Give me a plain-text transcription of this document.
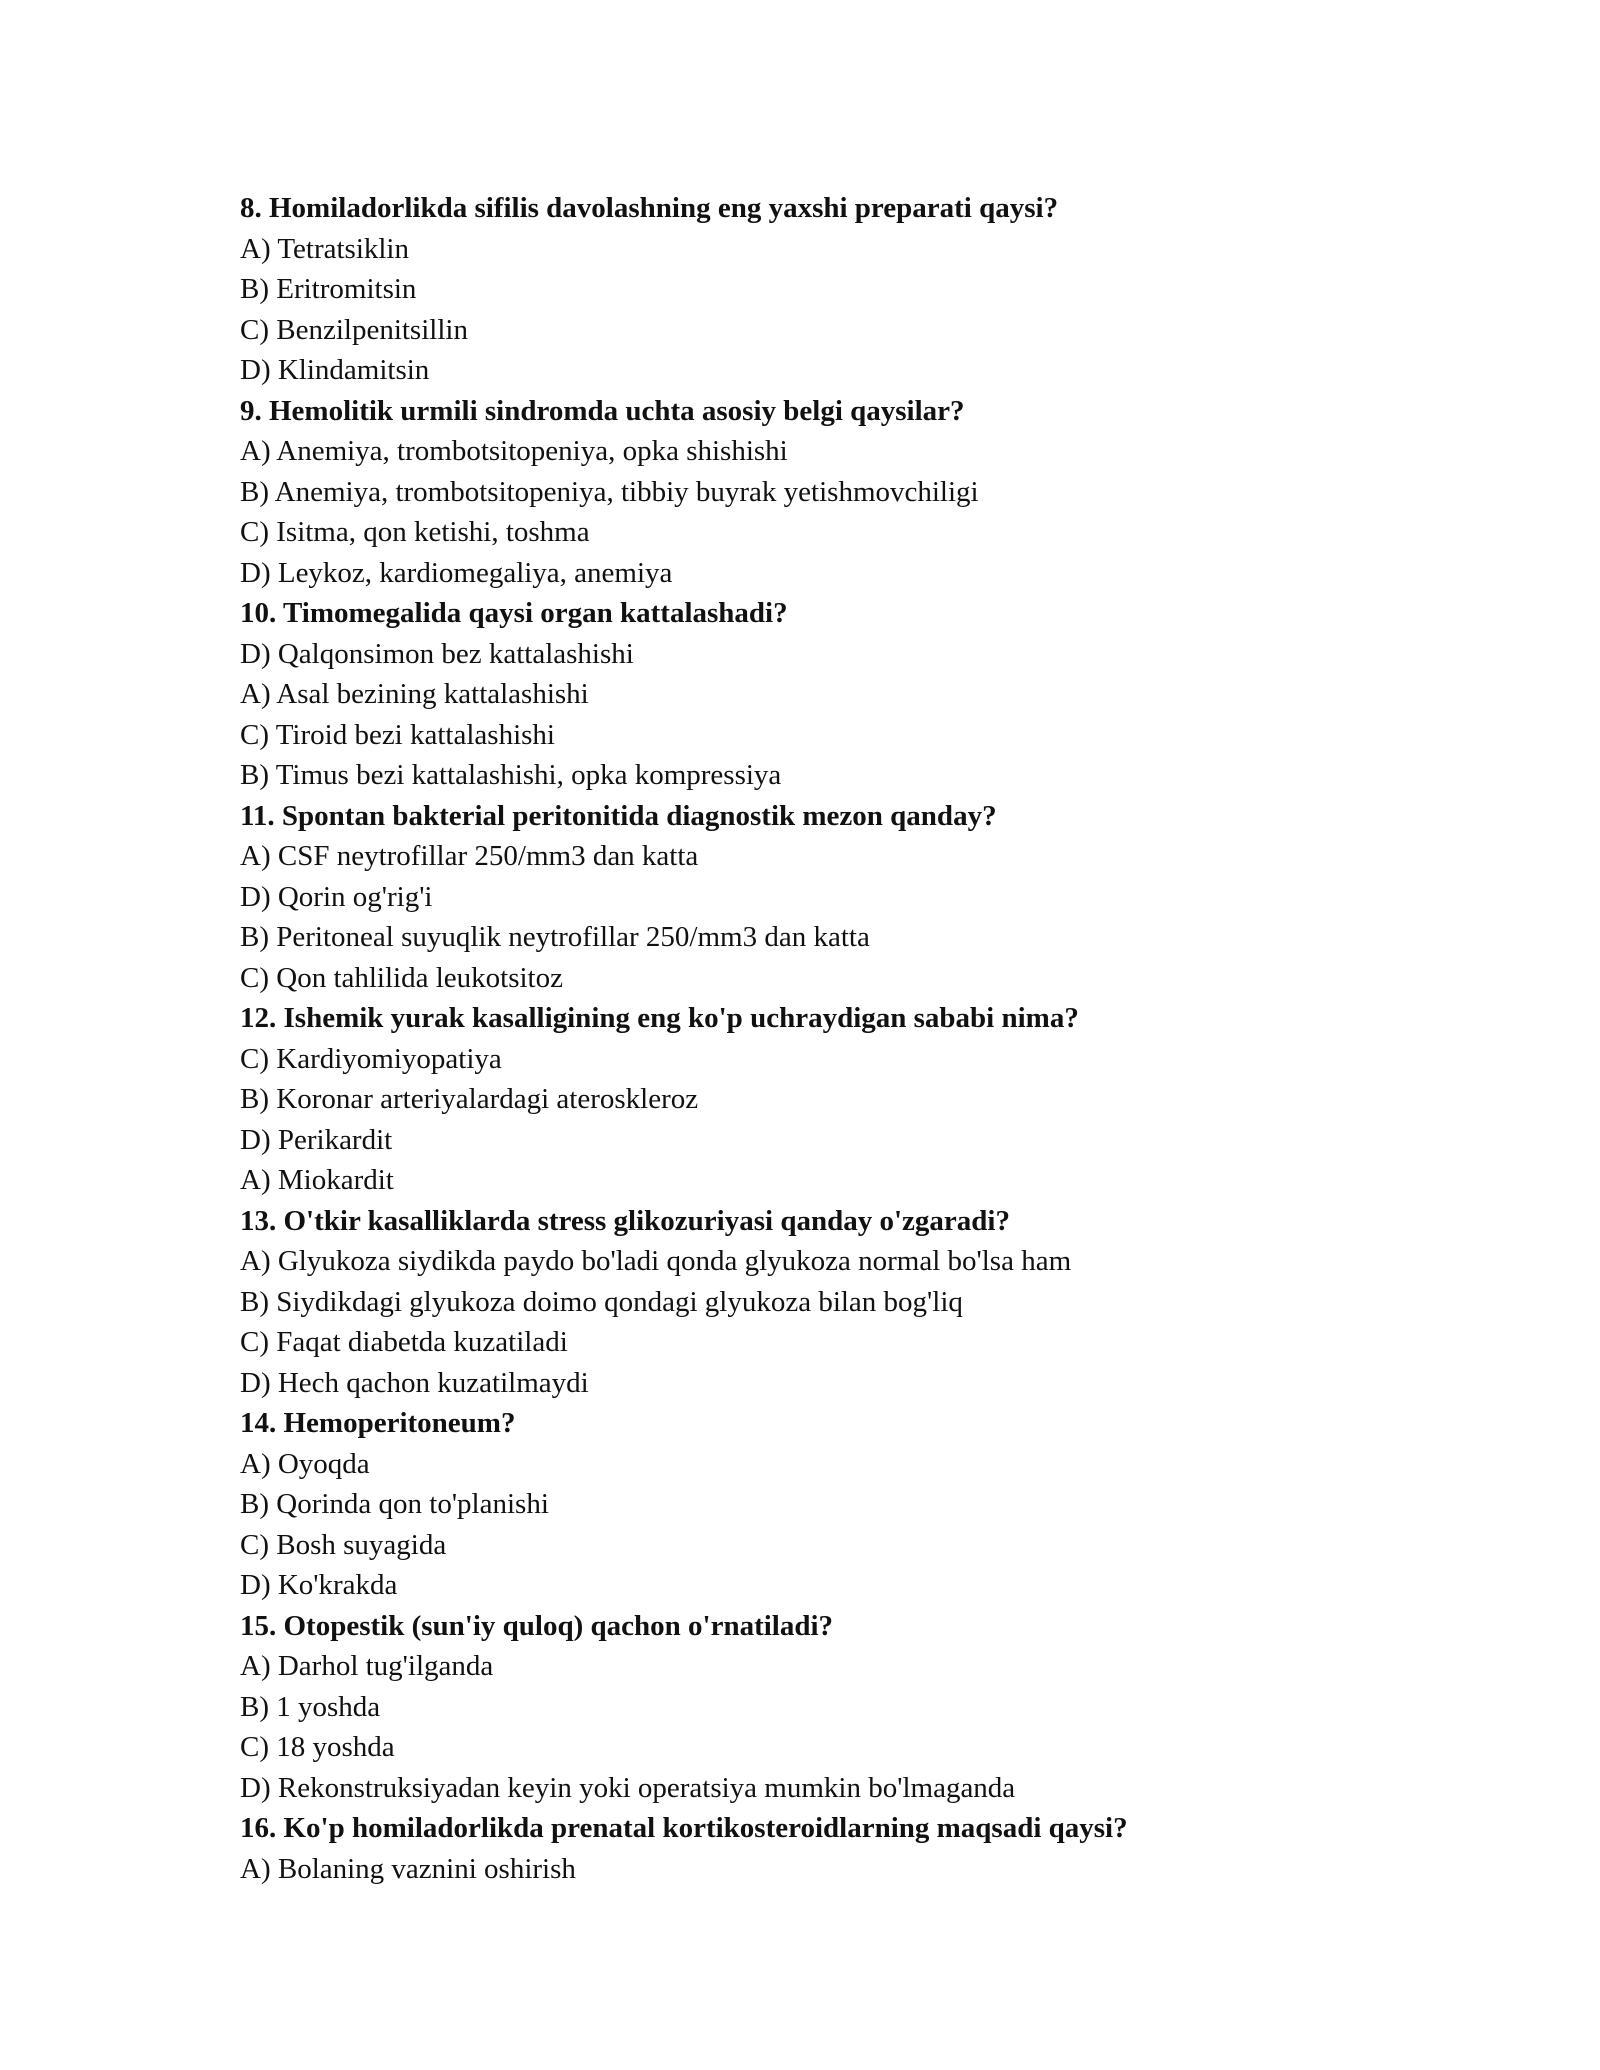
8. Homiladorlikda sifilis davolashning eng yaxshi preparati qaysi?
A) Tetratsiklin
B) Eritromitsin
C) Benzilpenitsillin
D) Klindamitsin
9. Hemolitik urmili sindromda uchta asosiy belgi qaysilar?
A) Anemiya, trombotsitopeniya, opka shishishi
B) Anemiya, trombotsitopeniya, tibbiy buyrak yetishmovchiligi
C) Isitma, qon ketishi, toshma
D) Leykoz, kardiomegaliya, anemiya
10. Timomegalida qaysi organ kattalashadi?
D) Qalqonsimon bez kattalashishi
A) Asal bezining kattalashishi
C) Tiroid bezi kattalashishi
B) Timus bezi kattalashishi, opka kompressiya
11. Spontan bakterial peritonitida diagnostik mezon qanday?
A) CSF neytrofillar 250/mm3 dan katta
D) Qorin og'rig'i
B) Peritoneal suyuqlik neytrofillar 250/mm3 dan katta
C) Qon tahlilida leukotsitoz
12. Ishemik yurak kasalligining eng ko'p uchraydigan sababi nima?
C) Kardiyomiyopatiya
B) Koronar arteriyalardagi ateroskleroz
D) Perikardit
A) Miokardit
13. O'tkir kasalliklarda stress glikozuriyasi qanday o'zgaradi?
A) Glyukoza siydikda paydo bo'ladi qonda glyukoza normal bo'lsa ham
B) Siydikdagi glyukoza doimo qondagi glyukoza bilan bog'liq
C) Faqat diabetda kuzatiladi
D) Hech qachon kuzatilmaydi
14. Hemoperitoneum?
A) Oyoqda
B) Qorinda qon to'planishi
C) Bosh suyagida
D) Ko'krakda
15. Otopestik (sun'iy quloq) qachon o'rnatiladi?
A) Darhol tug'ilganda
B) 1 yoshda
C) 18 yoshda
D) Rekonstruksiyadan keyin yoki operatsiya mumkin bo'lmaganda
16. Ko'p homiladorlikda prenatal kortikosteroidlarning maqsadi qaysi?
A) Bolaning vaznini oshirish
